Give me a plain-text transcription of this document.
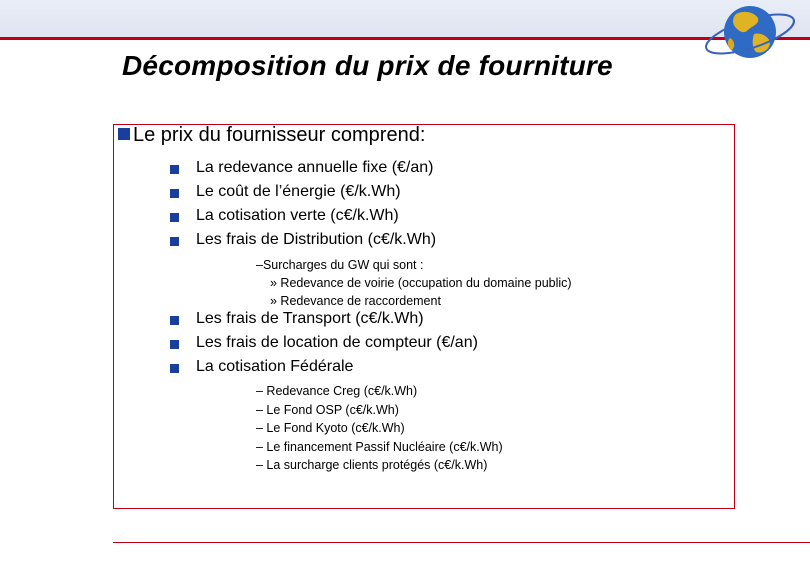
Décomposition du prix de fourniture
Le prix du fournisseur comprend:
La redevance annuelle fixe (€/an)
Le coût de l’énergie (€/k.Wh)
La cotisation verte (c€/k.Wh)
Les frais de Distribution (c€/k.Wh)
–Surcharges du GW qui sont :
» Redevance de voirie (occupation du domaine public)
» Redevance de raccordement
Les frais de Transport (c€/k.Wh)
Les frais de location de compteur (€/an)
La cotisation Fédérale
– Redevance Creg (c€/k.Wh)
– Le Fond OSP (c€/k.Wh)
– Le Fond Kyoto (c€/k.Wh)
– Le financement Passif Nucléaire (c€/k.Wh)
– La surcharge clients protégés (c€/k.Wh)
